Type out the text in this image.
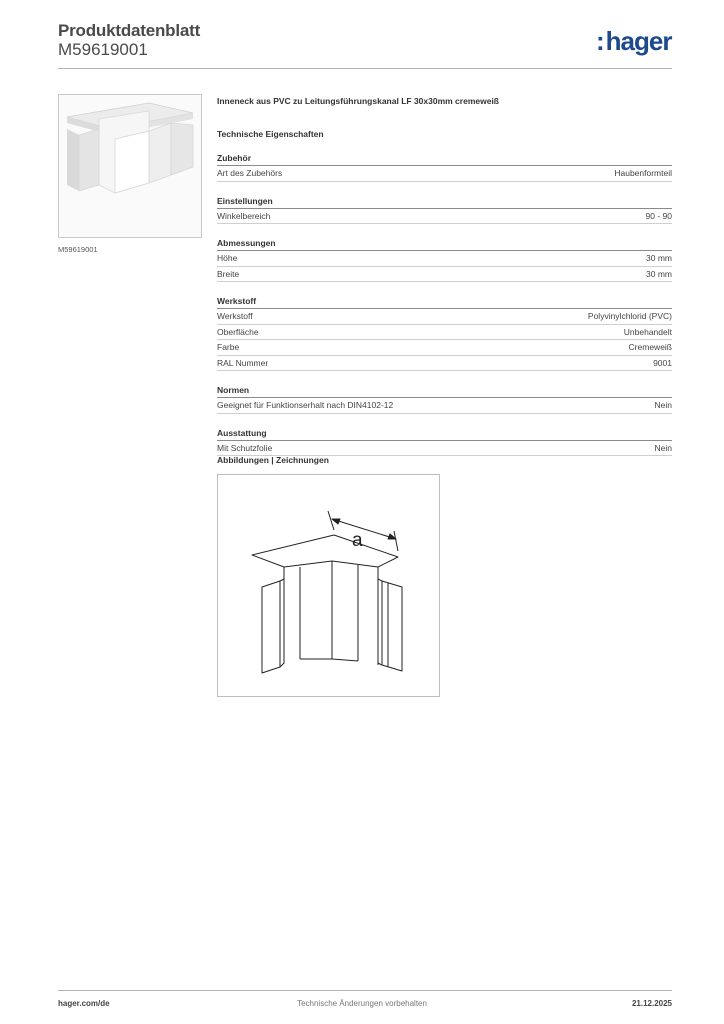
Produktdatenblatt
M59619001	:hager
M59619001
Inneneck aus PVC zu Leitungsführungskanal LF 30x30mm cremeweiß
Technische Eigenschaften
Zubehör
Art des Zubehörs	Haubenformteil
Einstellungen
Winkelbereich	90 - 90
Abmessungen
Höhe	30 mm
Breite	30 mm
Werkstoff
Werkstoff	Polyvinylchlorid (PVC)
Oberfläche	Unbehandelt
Farbe	Cremeweiß
RAL Nummer	9001
Normen
Geeignet für Funktionserhalt nach DIN4102-12	Nein
Ausstattung
Mit Schutzfolie	Nein
Abbildungen | Zeichnungen
a
hager.com/de	Technische Änderungen vorbehalten	21.12.2025
